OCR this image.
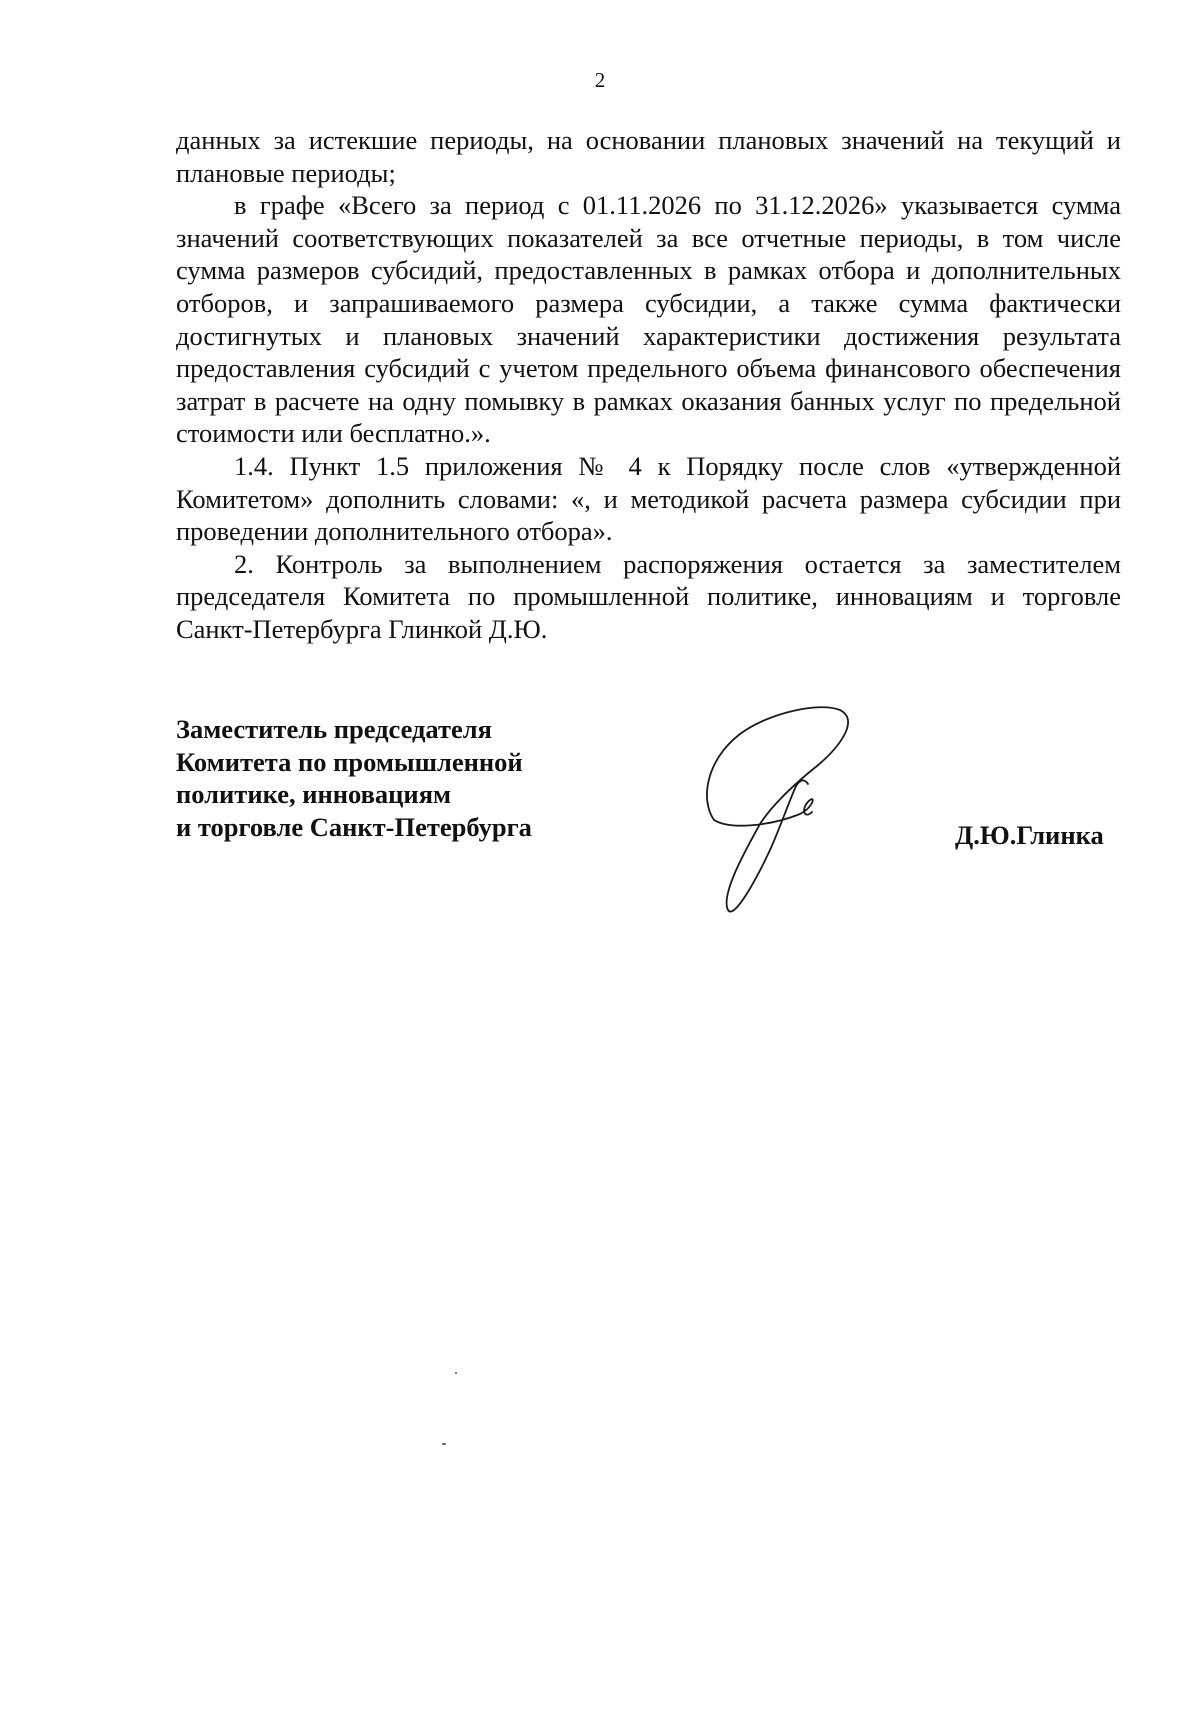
2

данных за истекшие периоды, на основании плановых значений на текущий и плановые периоды;

в графе «Всего за период с 01.11.2026 по 31.12.2026» указывается сумма значений соответствующих показателей за все отчетные периоды, в том числе сумма размеров субсидий, предоставленных в рамках отбора и дополнительных отборов, и запрашиваемого размера субсидии, а также сумма фактически достигнутых и плановых значений характеристики достижения результата предоставления субсидий с учетом предельного объема финансового обеспечения затрат в расчете на одну помывку в рамках оказания банных услуг по предельной стоимости или бесплатно.».

1.4. Пункт 1.5 приложения № 4 к Порядку после слов «утвержденной Комитетом» дополнить словами: «, и методикой расчета размера субсидии при проведении дополнительного отбора».

2. Контроль за выполнением распоряжения остается за заместителем председателя Комитета по промышленной политике, инновациям и торговле Санкт-Петербурга Глинкой Д.Ю.

Заместитель председателя
Комитета по промышленной
политике, инновациям
и торговле Санкт-Петербурга	Д.Ю.Глинка
